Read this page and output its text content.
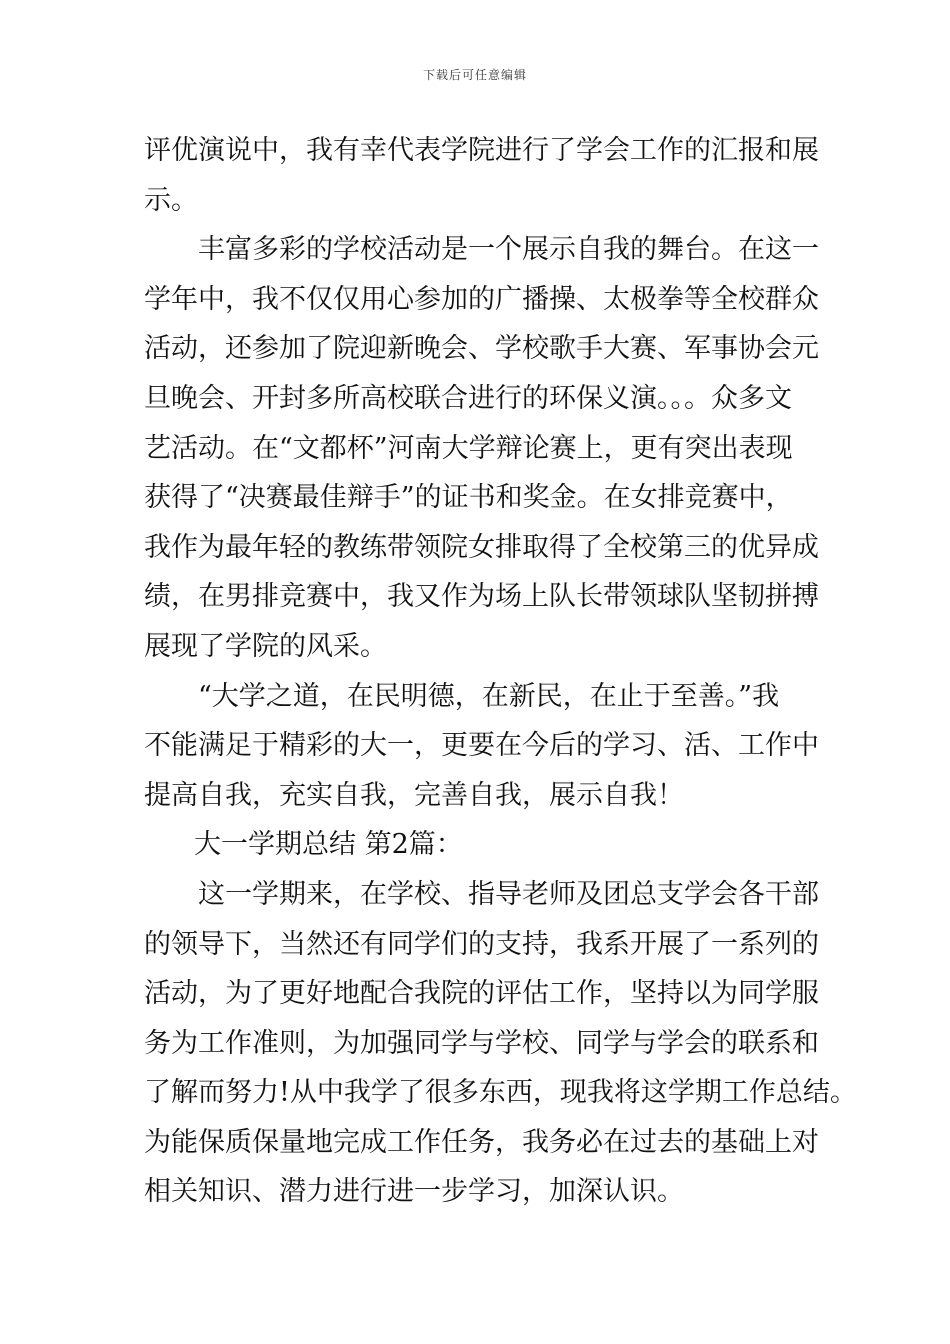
下载后可任意编辑
评优演说中，我有幸代表学院进行了学会工作的汇报和展
示。
丰富多彩的学校活动是一个展示自我的舞台。在这一
学年中，我不仅仅用心参加的广播操、太极拳等全校群众
活动，还参加了院迎新晚会、学校歌手大赛、军事协会元
旦晚会、开封多所高校联合进行的环保义演。。。众多文
艺活动。在“文都杯”河南大学辩论赛上，更有突出表现
获得了“决赛最佳辩手”的证书和奖金。在女排竞赛中，
我作为最年轻的教练带领院女排取得了全校第三的优异成
绩，在男排竞赛中，我又作为场上队长带领球队坚韧拼搏
展现了学院的风采。
“大学之道，在民明德，在新民，在止于至善。”我
不能满足于精彩的大一，更要在今后的学习、活、工作中
提高自我，充实自我，完善自我，展示自我！
大一学期总结 第2篇：
这一学期来，在学校、指导老师及团总支学会各干部
的领导下，当然还有同学们的支持，我系开展了一系列的
活动，为了更好地配合我院的评估工作，坚持以为同学服
务为工作准则，为加强同学与学校、同学与学会的联系和
了解而努力!从中我学了很多东西，现我将这学期工作总结。
为能保质保量地完成工作任务，我务必在过去的基础上对
相关知识、潜力进行进一步学习，加深认识。
